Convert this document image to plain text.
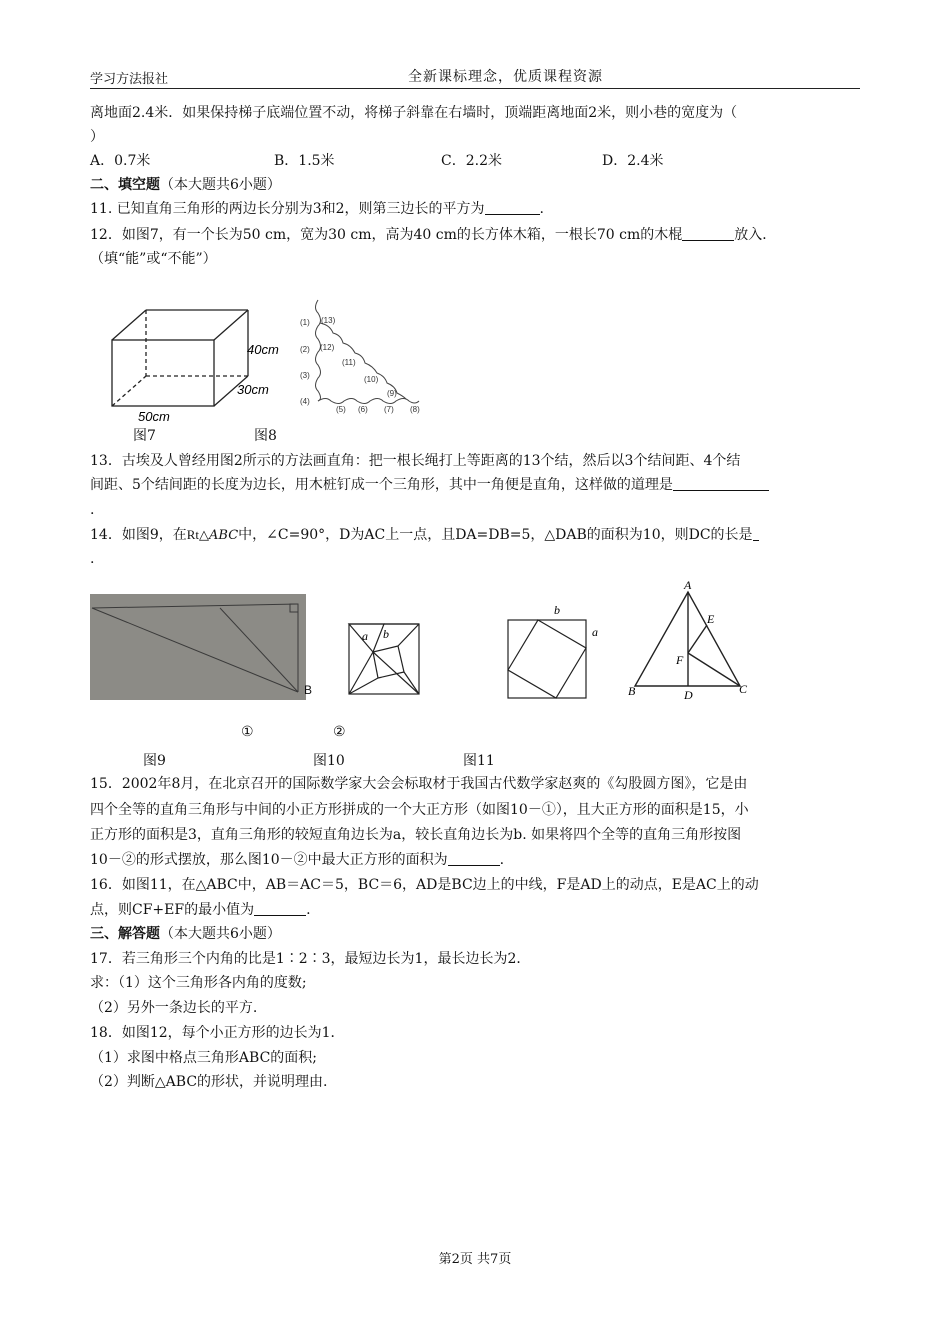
学习方法报社	全新课标理念，优质课程资源
离地面2.4米．如果保持梯子底端位置不动，将梯子斜靠在右墙时，顶端距离地面2米，则小巷的宽度为（
）
A．0.7米	B．1.5米	C．2.2米	D．2.4米
二、填空题（本大题共6小题）
11. 已知直角三角形的两边长分别为3和2，则第三边长的平方为	.
12．如图7，有一个长为50 cm，宽为30 cm，高为40 cm的长方体木箱，一根长70 cm的木棍	放入．
（填“能”或“不能”）
40cm
30cm
50cm
图7
(1)
(2)
(3)
(4)
(5) (6) (7) (8)
(9)
(10)
(11)
(12)
(13)
图8
13．古埃及人曾经用图2所示的方法画直角：把一根长绳打上等距离的13个结，然后以3个结间距、4个结
间距、5个结间距的长度为边长，用木桩钉成一个三角形，其中一角便是直角，这样做的道理是
.
14．如图9，在Rt△ABC中，∠C=90°，D为AC上一点，且DA=DB=5，△DAB的面积为10，则DC的长是
.
B
图9
a b
①	②
图10
b
a
A
B	C
D
E
F
图11
15．2002年8月，在北京召开的国际数学家大会会标取材于我国古代数学家赵爽的《勾股圆方图》，它是由
四个全等的直角三角形与中间的小正方形拼成的一个大正方形（如图10－①），且大正方形的面积是15，小
正方形的面积是3，直角三角形的较短直角边长为a，较长直角边长为b. 如果将四个全等的直角三角形按图
10－②的形式摆放，那么图10－②中最大正方形的面积为	.
16．如图11，在△ABC中，AB＝AC＝5，BC＝6，AD是BC边上的中线，F是AD上的动点，E是AC上的动
点，则CF+EF的最小值为	.
三、解答题（本大题共6小题）
17．若三角形三个内角的比是1∶2∶3，最短边长为1，最长边长为2．
求：（1）这个三角形各内角的度数;
（2）另外一条边长的平方.
18．如图12，每个小正方形的边长为1．
（1）求图中格点三角形ABC的面积;
（2）判断△ABC的形状，并说明理由.
第2页 共7页
